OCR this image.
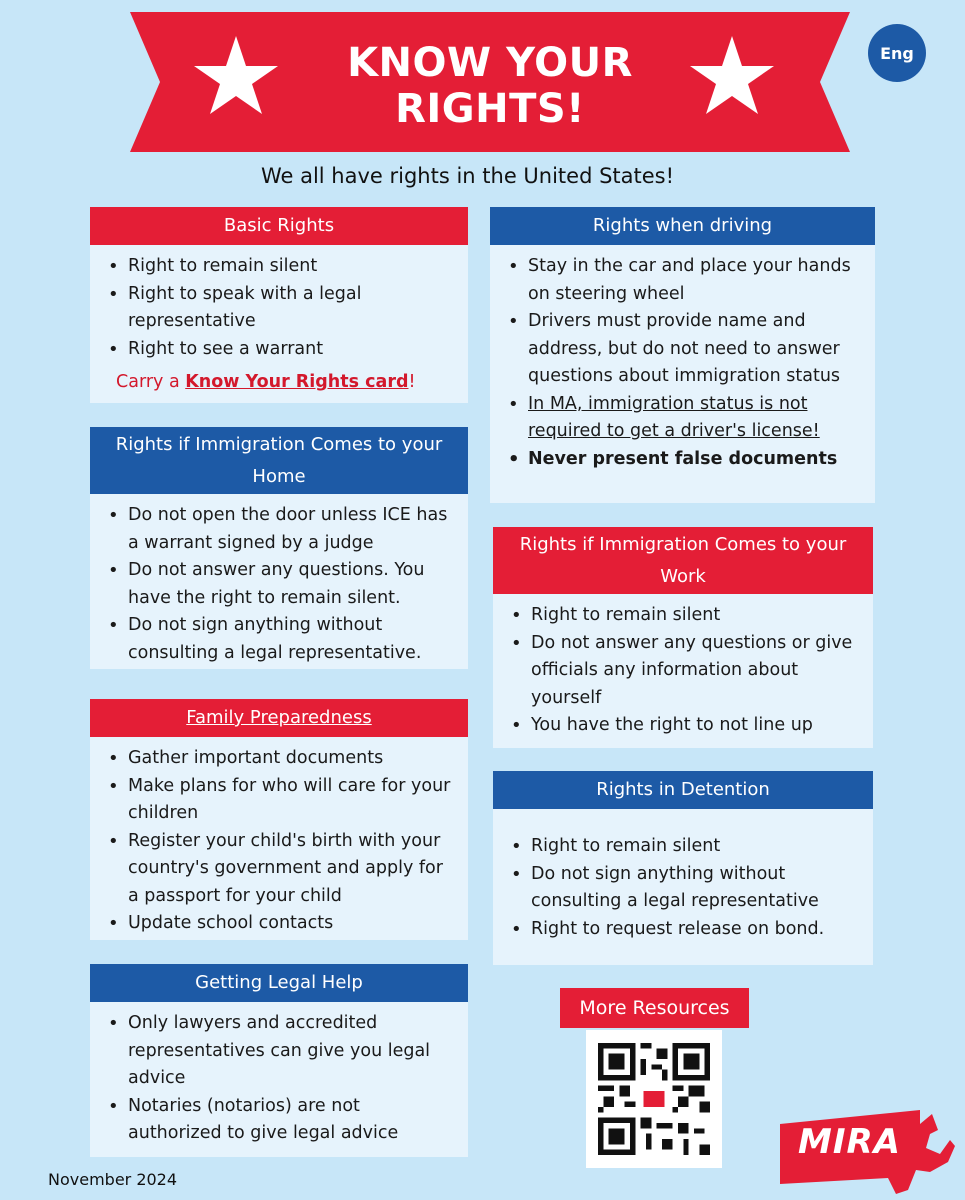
KNOW YOUR
RIGHTS!
Eng
We all have rights in the United States!
Basic Rights
• Right to remain silent
• Right to speak with a legal representative
• Right to see a warrant
Carry a Know Your Rights card!
Rights if Immigration Comes to your Home
• Do not open the door unless ICE has a warrant signed by a judge
• Do not answer any questions. You have the right to remain silent.
• Do not sign anything without consulting a legal representative.
Family Preparedness
• Gather important documents
• Make plans for who will care for your children
• Register your child's birth with your country's government and apply for a passport for your child
• Update school contacts
Getting Legal Help
• Only lawyers and accredited representatives can give you legal advice
• Notaries (notarios) are not authorized to give legal advice
Rights when driving
• Stay in the car and place your hands on steering wheel
• Drivers must provide name and address, but do not need to answer questions about immigration status
• In MA, immigration status is not required to get a driver's license!
• Never present false documents
Rights if Immigration Comes to your Work
• Right to remain silent
• Do not answer any questions or give officials any information about yourself
• You have the right to not line up
Rights in Detention
• Right to remain silent
• Do not sign anything without consulting a legal representative
• Right to request release on bond.
More Resources
November 2024
MIRA
